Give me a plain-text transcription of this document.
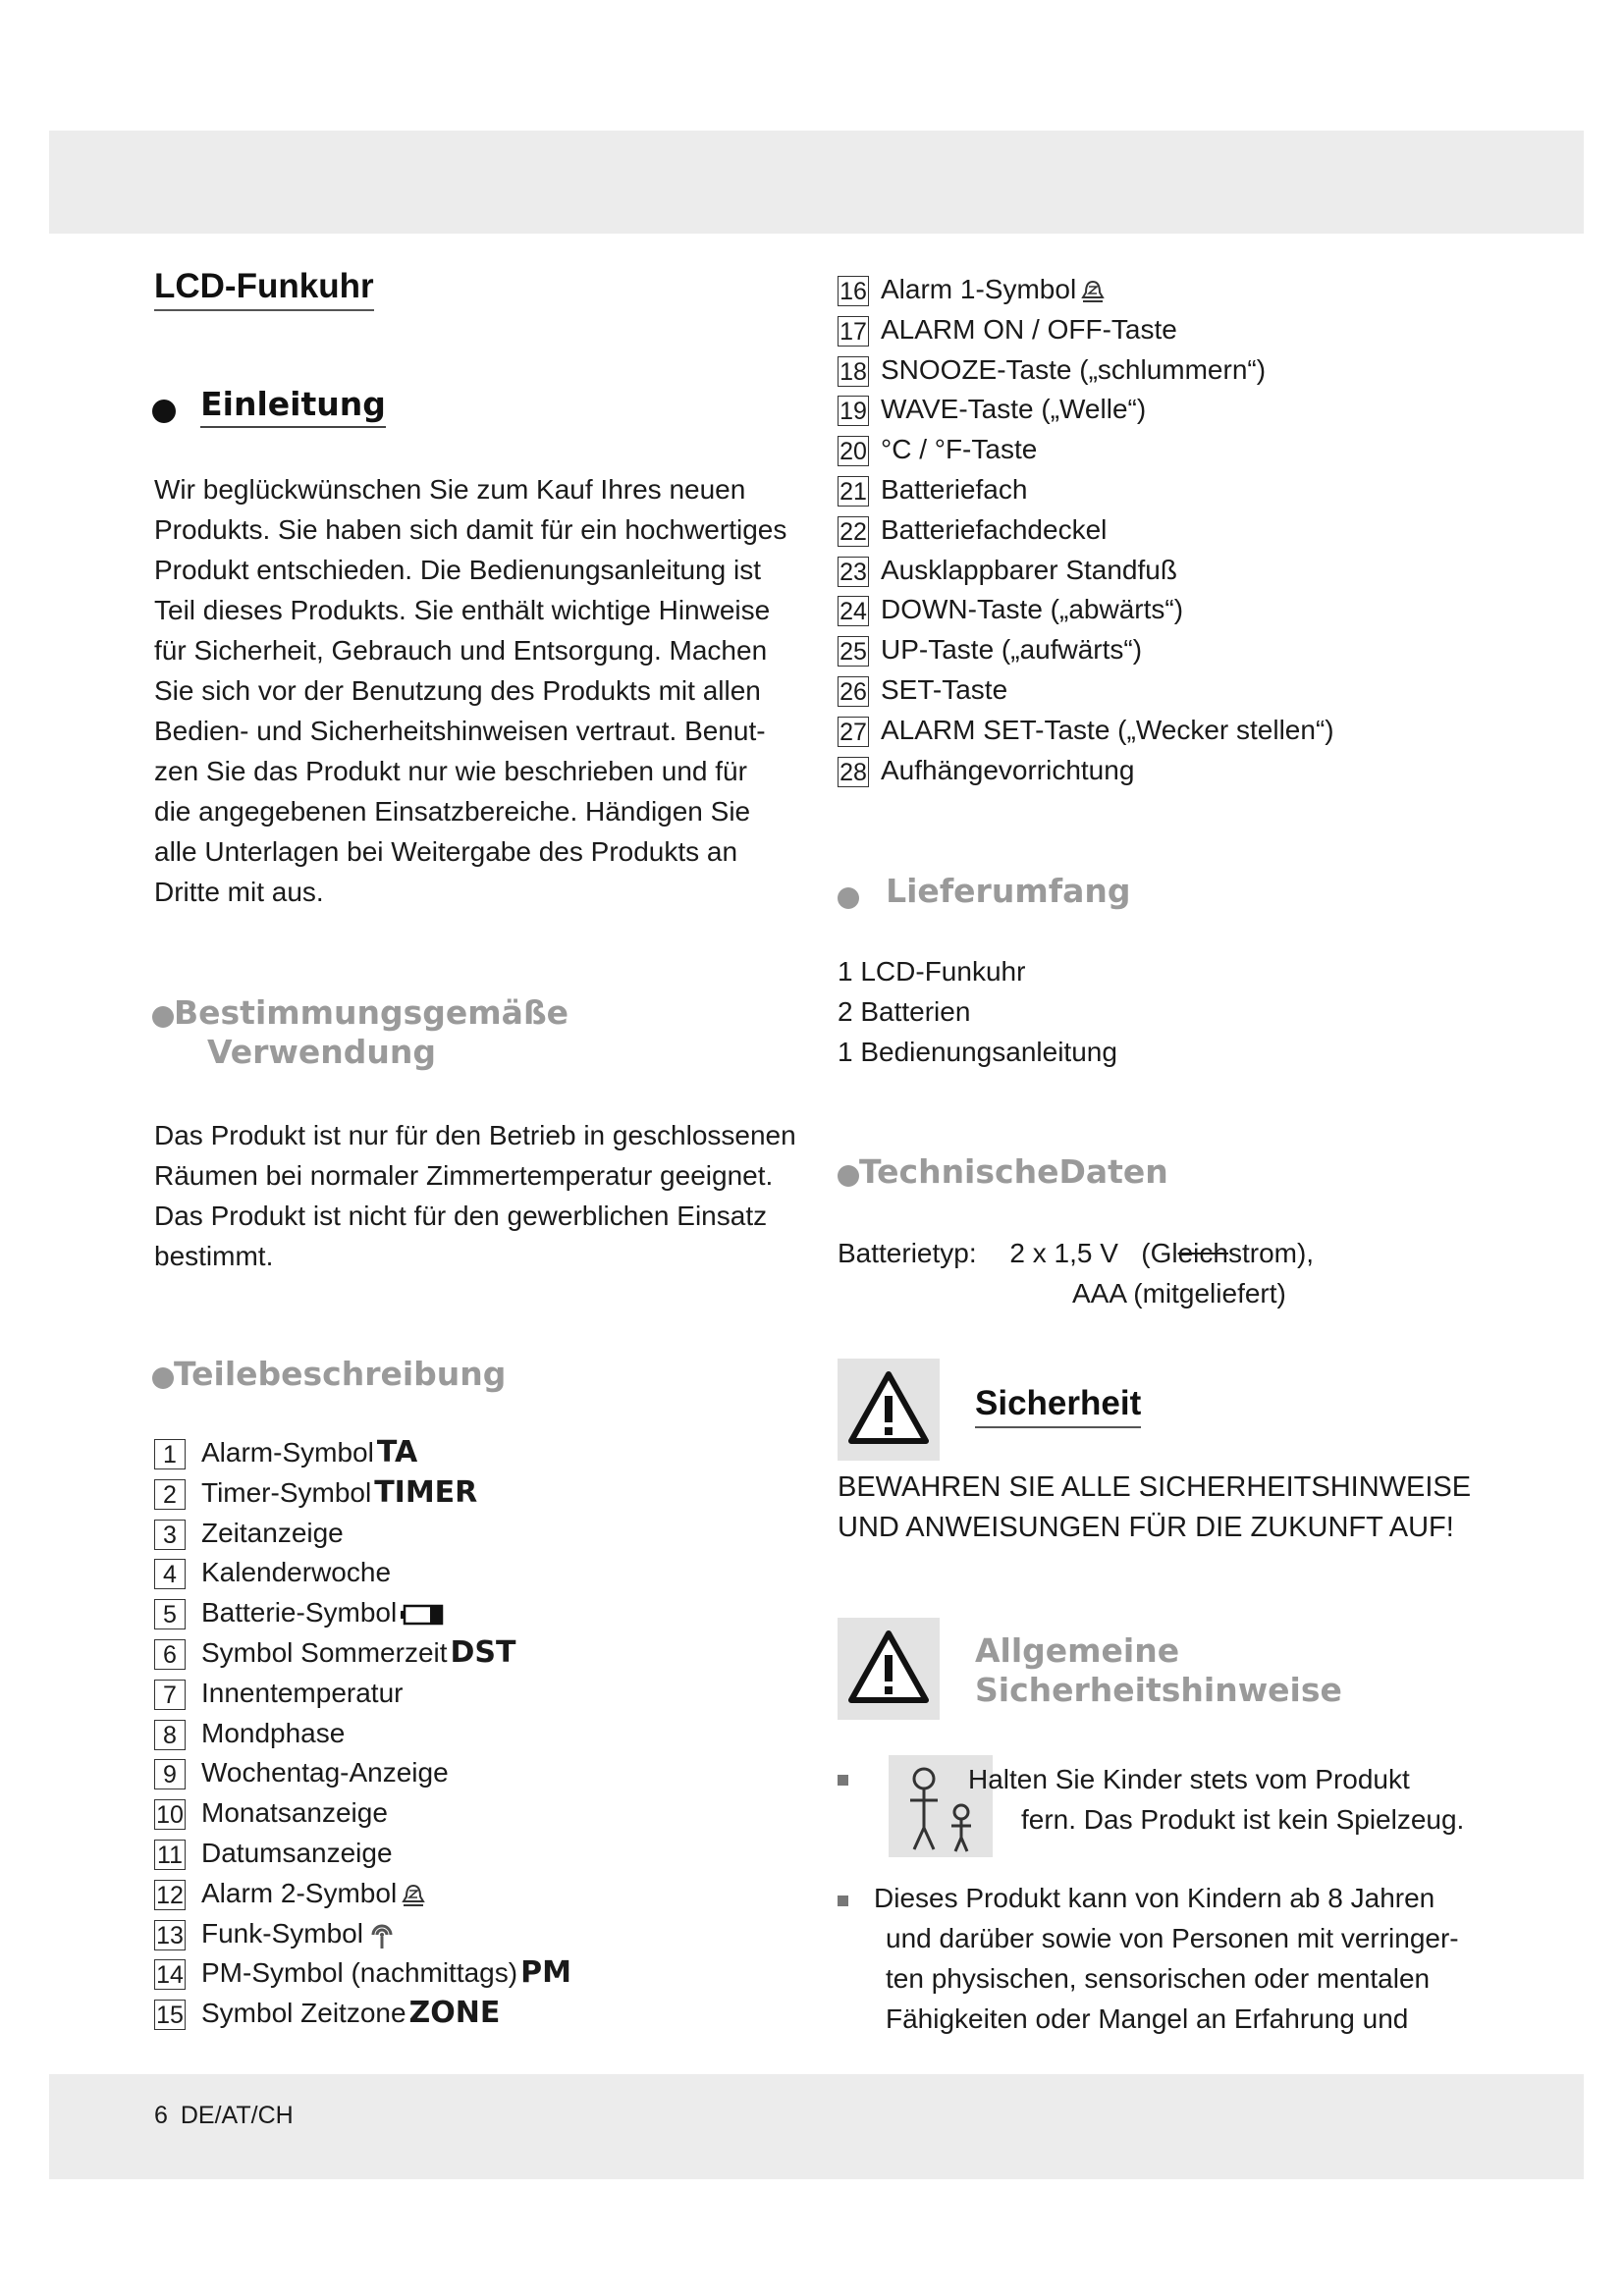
LCD-Funkuhr
Einleitung
Wir beglückwünschen Sie zum Kauf Ihres neuen
Produkts. Sie haben sich damit für ein hochwertiges
Produkt entschieden. Die Bedienungsanleitung ist
Teil dieses Produkts. Sie enthält wichtige Hinweise
für Sicherheit, Gebrauch und Entsorgung. Machen
Sie sich vor der Benutzung des Produkts mit allen
Bedien- und Sicherheitshinweisen vertraut. Benut-
zen Sie das Produkt nur wie beschrieben und für
die angegebenen Einsatzbereiche. Händigen Sie
alle Unterlagen bei Weitergabe des Produkts an
Dritte mit aus.
Bestimmungsgemäße
Verwendung
Das Produkt ist nur für den Betrieb in geschlossenen
Räumen bei normaler Zimmertemperatur geeignet.
Das Produkt ist nicht für den gewerblichen Einsatz
bestimmt.
Teilebeschreibung
1 Alarm-Symbol TA
2 Timer-Symbol TIMER
3 Zeitanzeige
4 Kalenderwoche
5 Batterie-Symbol
6 Symbol Sommerzeit DST
7 Innentemperatur
8 Mondphase
9 Wochentag-Anzeige
10 Monatsanzeige
11 Datumsanzeige
12 Alarm 2-Symbol
13 Funk-Symbol
14 PM-Symbol (nachmittags) PM
15 Symbol Zeitzone ZONE
16 Alarm 1-Symbol
17 ALARM ON / OFF-Taste
18 SNOOZE-Taste („schlummern“)
19 WAVE-Taste („Welle“)
20 °C / °F-Taste
21 Batteriefach
22 Batteriefachdeckel
23 Ausklappbarer Standfuß
24 DOWN-Taste („abwärts“)
25 UP-Taste („aufwärts“)
26 SET-Taste
27 ALARM SET-Taste („Wecker stellen“)
28 Aufhängevorrichtung
Lieferumfang
1 LCD-Funkuhr
2 Batterien
1 Bedienungsanleitung
TechnischeDaten
Batterietyp: 2 x 1,5 V   (Gleichstrom),
AAA (mitgeliefert)
Sicherheit
BEWAHREN SIE ALLE SICHERHEITSHINWEISE
UND ANWEISUNGEN FÜR DIE ZUKUNFT AUF!
Allgemeine
Sicherheitshinweise
Halten Sie Kinder stets vom Produkt
fern. Das Produkt ist kein Spielzeug.
Dieses Produkt kann von Kindern ab 8 Jahren
und darüber sowie von Personen mit verringer-
ten physischen, sensorischen oder mentalen
Fähigkeiten oder Mangel an Erfahrung und
6 DE/AT/CH
